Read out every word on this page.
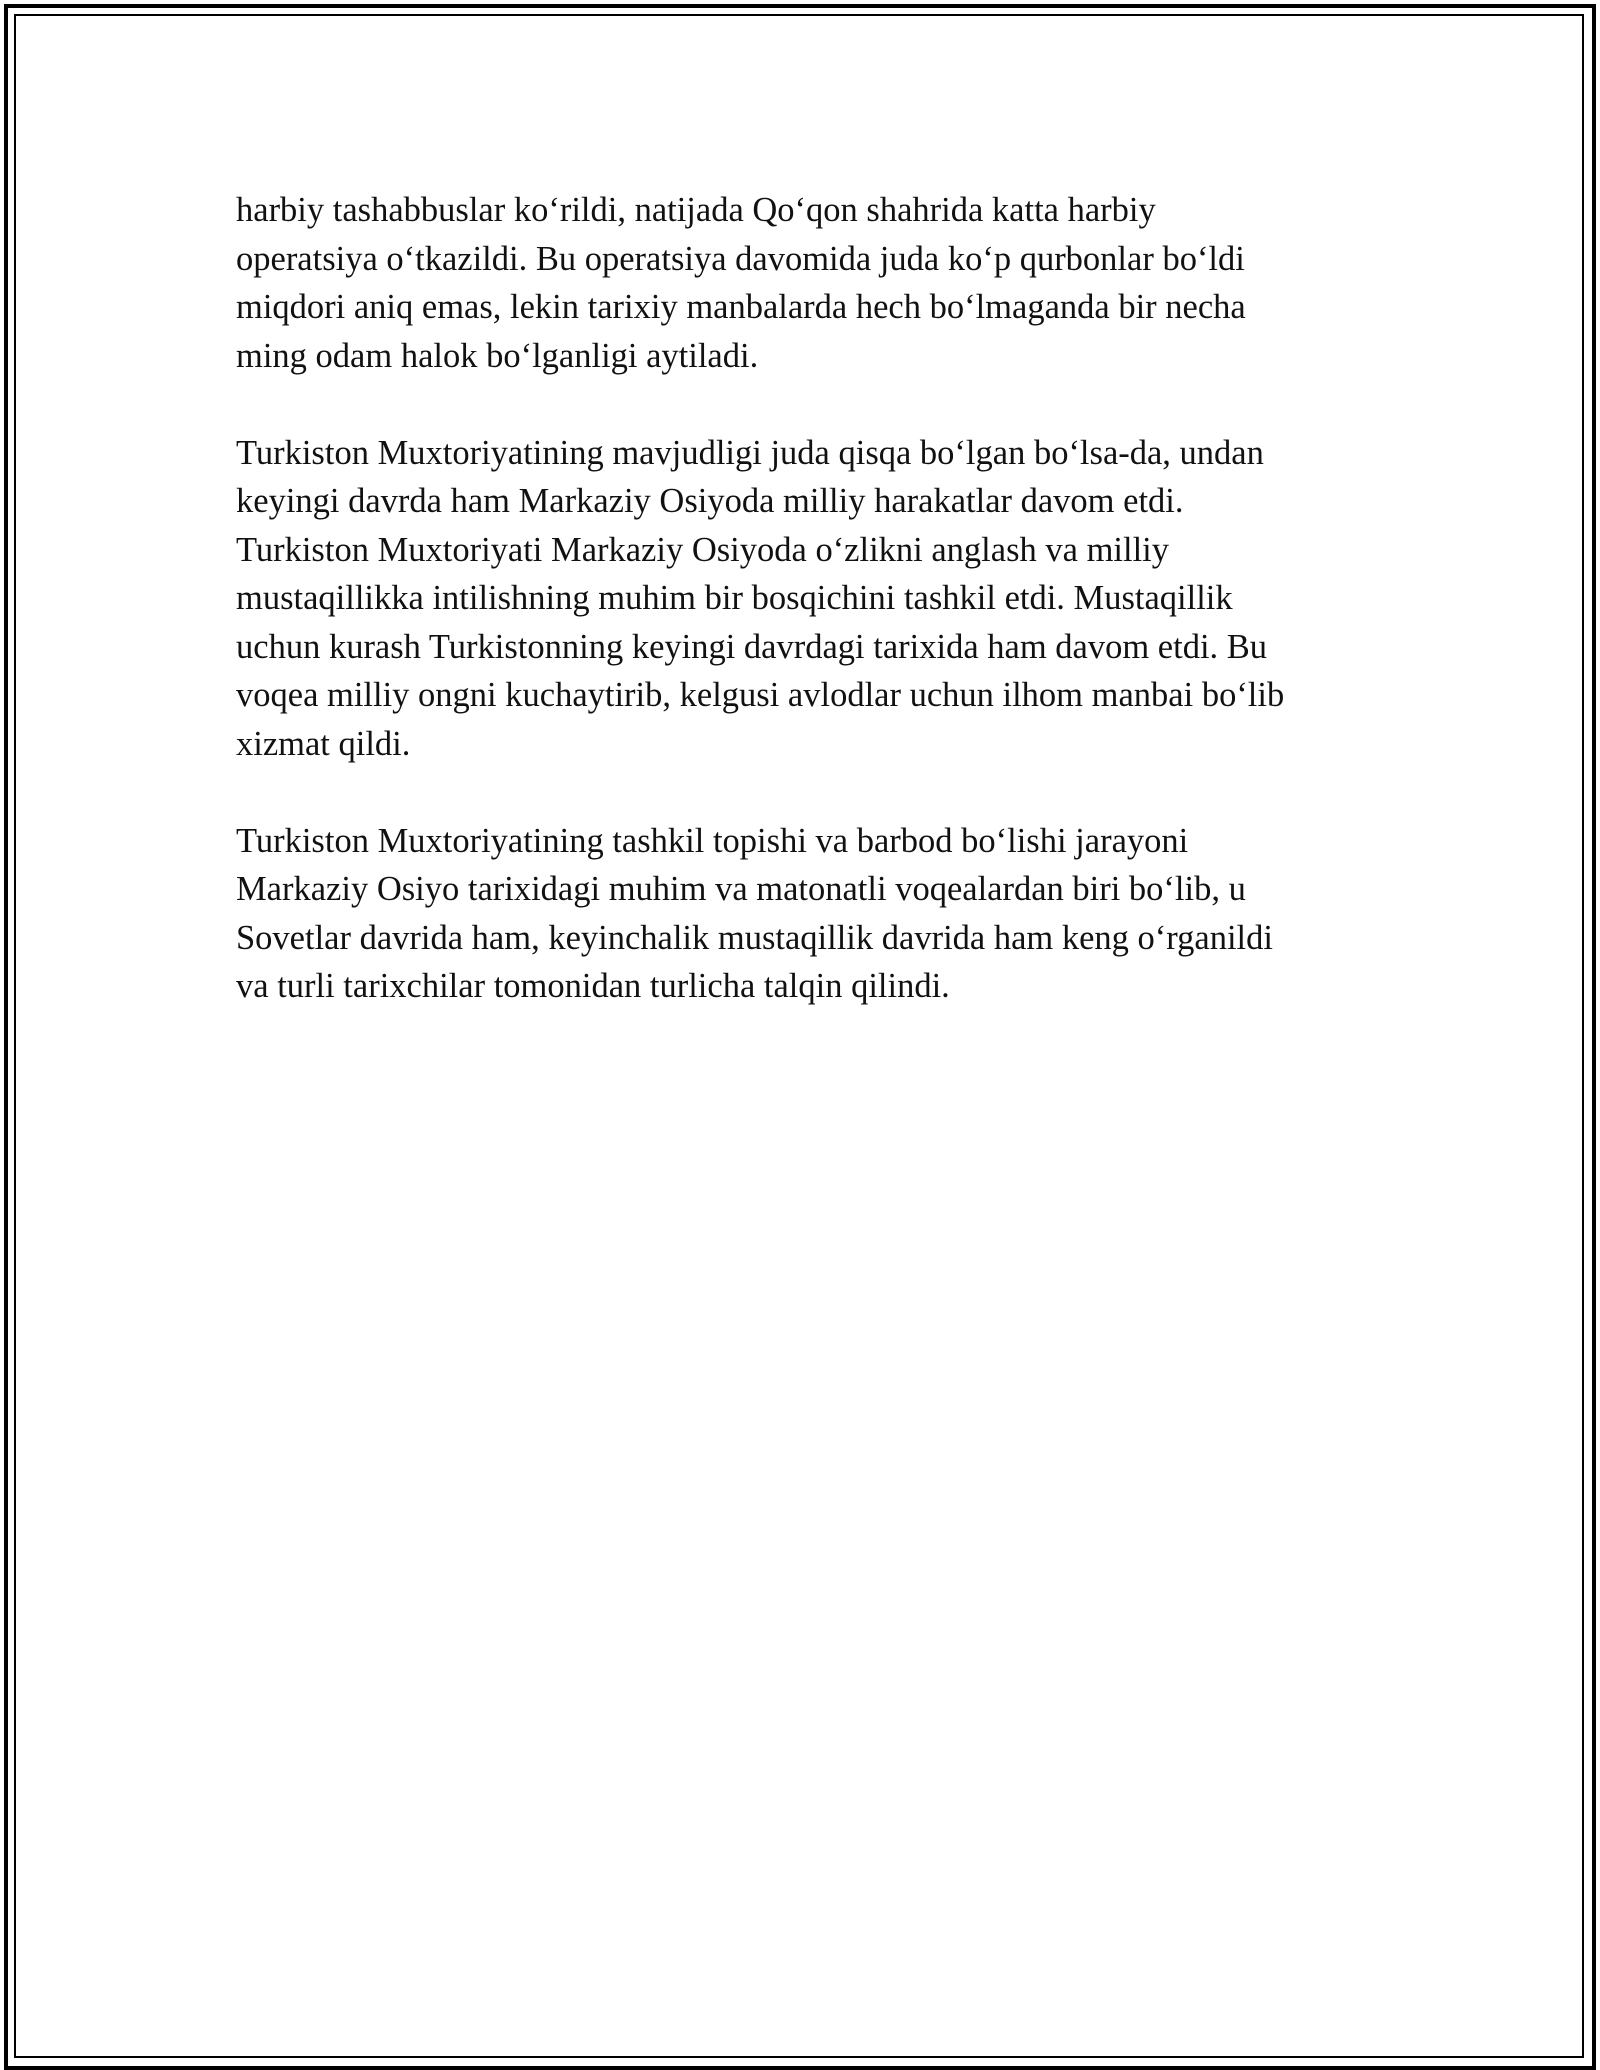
harbiy tashabbuslar ko‘rildi, natijada Qo‘qon shahrida katta harbiy
operatsiya o‘tkazildi. Bu operatsiya davomida juda ko‘p qurbonlar bo‘ldi
miqdori aniq emas, lekin tarixiy manbalarda hech bo‘lmaganda bir necha
ming odam halok bo‘lganligi aytiladi.

Turkiston Muxtoriyatining mavjudligi juda qisqa bo‘lgan bo‘lsa-da, undan
keyingi davrda ham Markaziy Osiyoda milliy harakatlar davom etdi.
Turkiston Muxtoriyati Markaziy Osiyoda o‘zlikni anglash va milliy
mustaqillikka intilishning muhim bir bosqichini tashkil etdi. Mustaqillik
uchun kurash Turkistonning keyingi davrdagi tarixida ham davom etdi. Bu
voqea milliy ongni kuchaytirib, kelgusi avlodlar uchun ilhom manbai bo‘lib
xizmat qildi.

Turkiston Muxtoriyatining tashkil topishi va barbod bo‘lishi jarayoni
Markaziy Osiyo tarixidagi muhim va matonatli voqealardan biri bo‘lib, u
Sovetlar davrida ham, keyinchalik mustaqillik davrida ham keng o‘rganildi
va turli tarixchilar tomonidan turlicha talqin qilindi.
